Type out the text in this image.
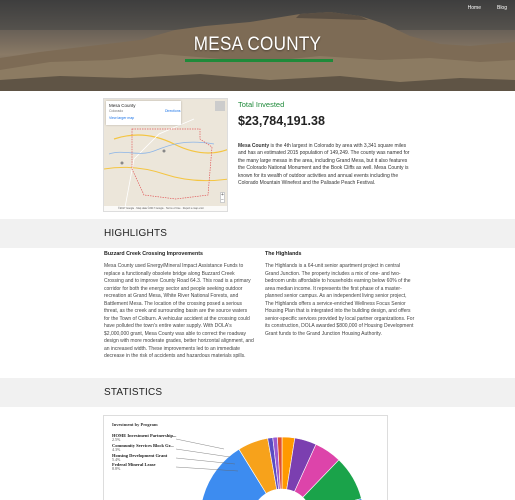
Home	Blog
MESA COUNTY
Mesa County
Colorado
View larger map
Directions
+
−
©2017 Google · Map data ©2017 Google · Terms of Use · Report a map error
Total Invested
$23,784,191.38
Mesa County is the 4th largest in Colorado by area with 3,341 square miles and has an estimated 2015 population of 149,249. The county was named for the many large mesas in the area, including Grand Mesa, but it also features the Colorado National Monument and the Book Cliffs as well. Mesa County is known for its wealth of outdoor activities and annual events including the Colorado Mountain Winefest and the Palisade Peach Festival.
HIGHLIGHTS
Buzzard Creek Crossing Improvements

Mesa County used Energy/Mineral Impact Assistance Funds to replace a functionally obsolete bridge along Buzzard Creek Crossing and to improve County Road 64.3. This road is a primary corridor for both the energy sector and people seeking outdoor recreation at Grand Mesa, White River National Forests, and Battlement Mesa. The location of the crossing posed a serious threat, as the creek and surrounding basin are the source waters for the Town of Colburn. A vehicular accident at the crossing could have polluted the town's entire water supply. With DOLA's $2,000,000 grant, Mesa County was able to correct the roadway design with more moderate grades, better horizontal alignment, and an increased width. These improvements led to an immediate decrease in the risk of accidents and hazardous materials spills.

The Highlands

The Highlands is a 64-unit senior apartment project in central Grand Junction. The property includes a mix of one- and two-bedroom units affordable to households earning below 60% of the area median income. It represents the first phase of a master-planned senior campus. As an independent living senior project, The Highlands offers a service-enriched Wellness Focus Senior Housing Plan that is integrated into the building design, and offers senior-specific services provided by local partner organizations. For its construction, DOLA awarded $800,000 of Housing Development Grant funds to the Grand Junction Housing Authority.

STATISTICS
Investment by Program
HOME Investment Partnership...
2.5%
Community Services Block Gr...
4.3%
Housing Development Grant
5.4%
Federal Mineral Lease
8.8%
